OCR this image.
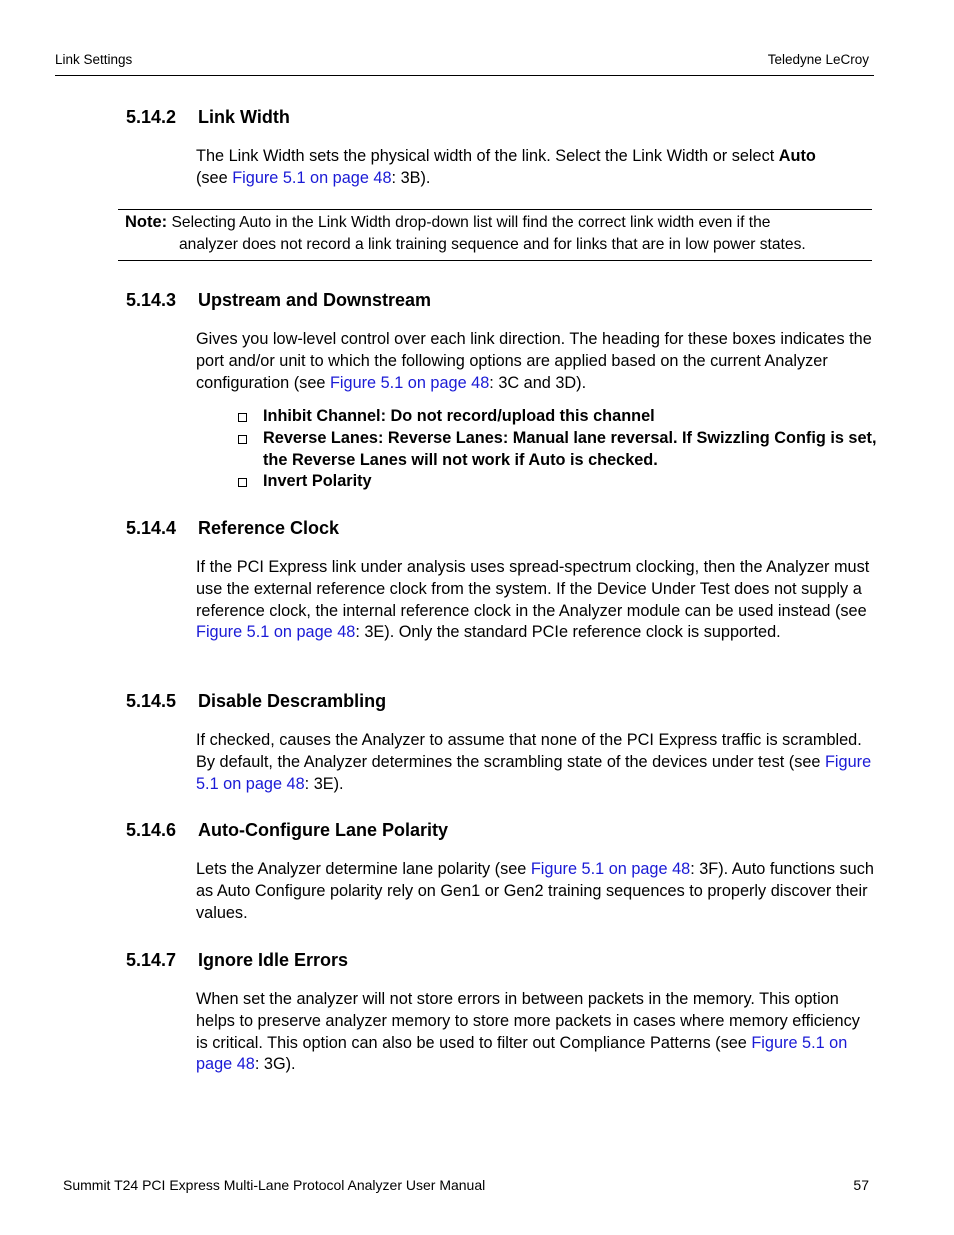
Link Settings	Teledyne LeCroy
5.14.2 Link Width
The Link Width sets the physical width of the link. Select the Link Width or select Auto
(see Figure 5.1 on page 48: 3B).
Note: Selecting Auto in the Link Width drop-down list will find the correct link width even if the
analyzer does not record a link training sequence and for links that are in low power states.
5.14.3 Upstream and Downstream
Gives you low-level control over each link direction. The heading for these boxes indicates the port and/or unit to which the following options are applied based on the current Analyzer configuration (see Figure 5.1 on page 48: 3C and 3D).
Inhibit Channel: Do not record/upload this channel
Reverse Lanes: Reverse Lanes: Manual lane reversal. If Swizzling Config is set, the Reverse Lanes will not work if Auto is checked.
Invert Polarity
5.14.4 Reference Clock
If the PCI Express link under analysis uses spread-spectrum clocking, then the Analyzer must use the external reference clock from the system. If the Device Under Test does not supply a reference clock, the internal reference clock in the Analyzer module can be used instead (see Figure 5.1 on page 48: 3E). Only the standard PCIe reference clock is supported.
5.14.5 Disable Descrambling
If checked, causes the Analyzer to assume that none of the PCI Express traffic is scrambled. By default, the Analyzer determines the scrambling state of the devices under test (see Figure 5.1 on page 48: 3E).
5.14.6 Auto-Configure Lane Polarity
Lets the Analyzer determine lane polarity (see Figure 5.1 on page 48: 3F). Auto functions such as Auto Configure polarity rely on Gen1 or Gen2 training sequences to properly discover their values.
5.14.7 Ignore Idle Errors
When set the analyzer will not store errors in between packets in the memory. This option helps to preserve analyzer memory to store more packets in cases where memory efficiency is critical. This option can also be used to filter out Compliance Patterns (see Figure 5.1 on page 48: 3G).
Summit T24 PCI Express Multi-Lane Protocol Analyzer User Manual	57
